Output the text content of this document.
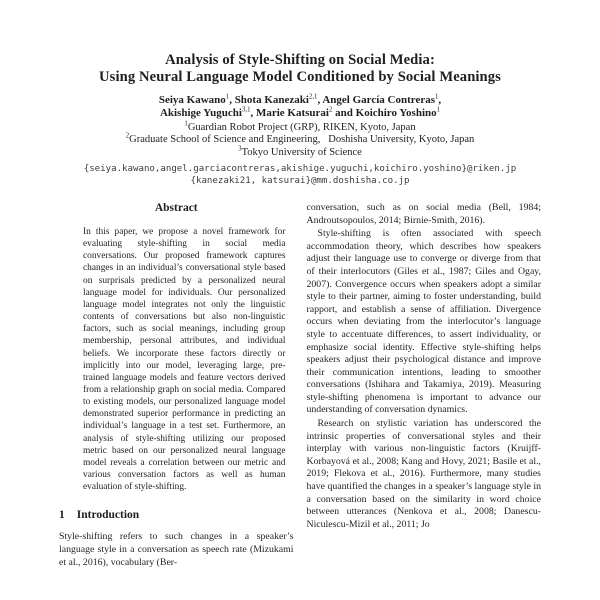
Analysis of Style-Shifting on Social Media:
Using Neural Language Model Conditioned by Social Meanings
Seiya Kawano$^1$, Shota Kanezaki$^{2,1}$, Angel García Contreras$^1$,
Akishige Yuguchi$^{3,1}$, Marie Katsurai$^2$ and Koichiro Yoshino$^1$
$^1$Guardian Robot Project (GRP), RIKEN, Kyoto, Japan
$^2$Graduate School of Science and Engineering,  Doshisha University, Kyoto, Japan
$^3$Tokyo University of Science
{seiya.kawano,angel.garciacontreras,akishige.yuguchi,koichiro.yoshino}@riken.jp
{kanezaki21, katsurai}@mm.doshisha.co.jp
Abstract

In this paper, we propose a novel framework for evaluating style-shifting in social media conversations. Our proposed framework captures changes in an individual’s conversational style based on surprisals predicted by a personalized neural language model for individuals. Our personalized language model integrates not only the linguistic contents of conversations but also non-linguistic factors, such as social meanings, including group membership, personal attributes, and individual beliefs. We incorporate these factors directly or implicitly into our model, leveraging large, pre-trained language models and feature vectors derived from a relationship graph on social media. Compared to existing models, our personalized language model demonstrated superior performance in predicting an individual’s language in a test set. Furthermore, an analysis of style-shifting utilizing our proposed metric based on our personalized neural language model reveals a correlation between our metric and various conversation factors as well as human evaluation of style-shifting.

1 Introduction

Style-shifting refers to such changes in a speaker’s language style in a conversation as speech rate (Mizukami et al., 2016), vocabulary (Ber-

conversation, such as on social media (Bell, 1984; Androutsopoulos, 2014; Birnie-Smith, 2016).

Style-shifting is often associated with speech accommodation theory, which describes how speakers adjust their language use to converge or diverge from that of their interlocutors (Giles et al., 1987; Giles and Ogay, 2007). Convergence occurs when speakers adopt a similar style to their partner, aiming to foster understanding, build rapport, and establish a sense of affiliation. Divergence occurs when deviating from the interlocutor’s language style to accentuate differences, to assert individuality, or emphasize social identity. Effective style-shifting helps speakers adjust their psychological distance and improve their communication intentions, leading to smoother conversations (Ishihara and Takamiya, 2019). Measuring style-shifting phenomena is important to advance our understanding of conversation dynamics.

Research on stylistic variation has underscored the intrinsic properties of conversational styles and their interplay with various non-linguistic factors (Kruijff-Korbayová et al., 2008; Kang and Hovy, 2021; Basile et al., 2019; Flekova et al., 2016). Furthermore, many studies have quantified the changes in a speaker’s language style in a conversation based on the similarity in word choice between utterances (Nenkova et al., 2008; Danescu-Niculescu-Mizil et al., 2011; Jo
